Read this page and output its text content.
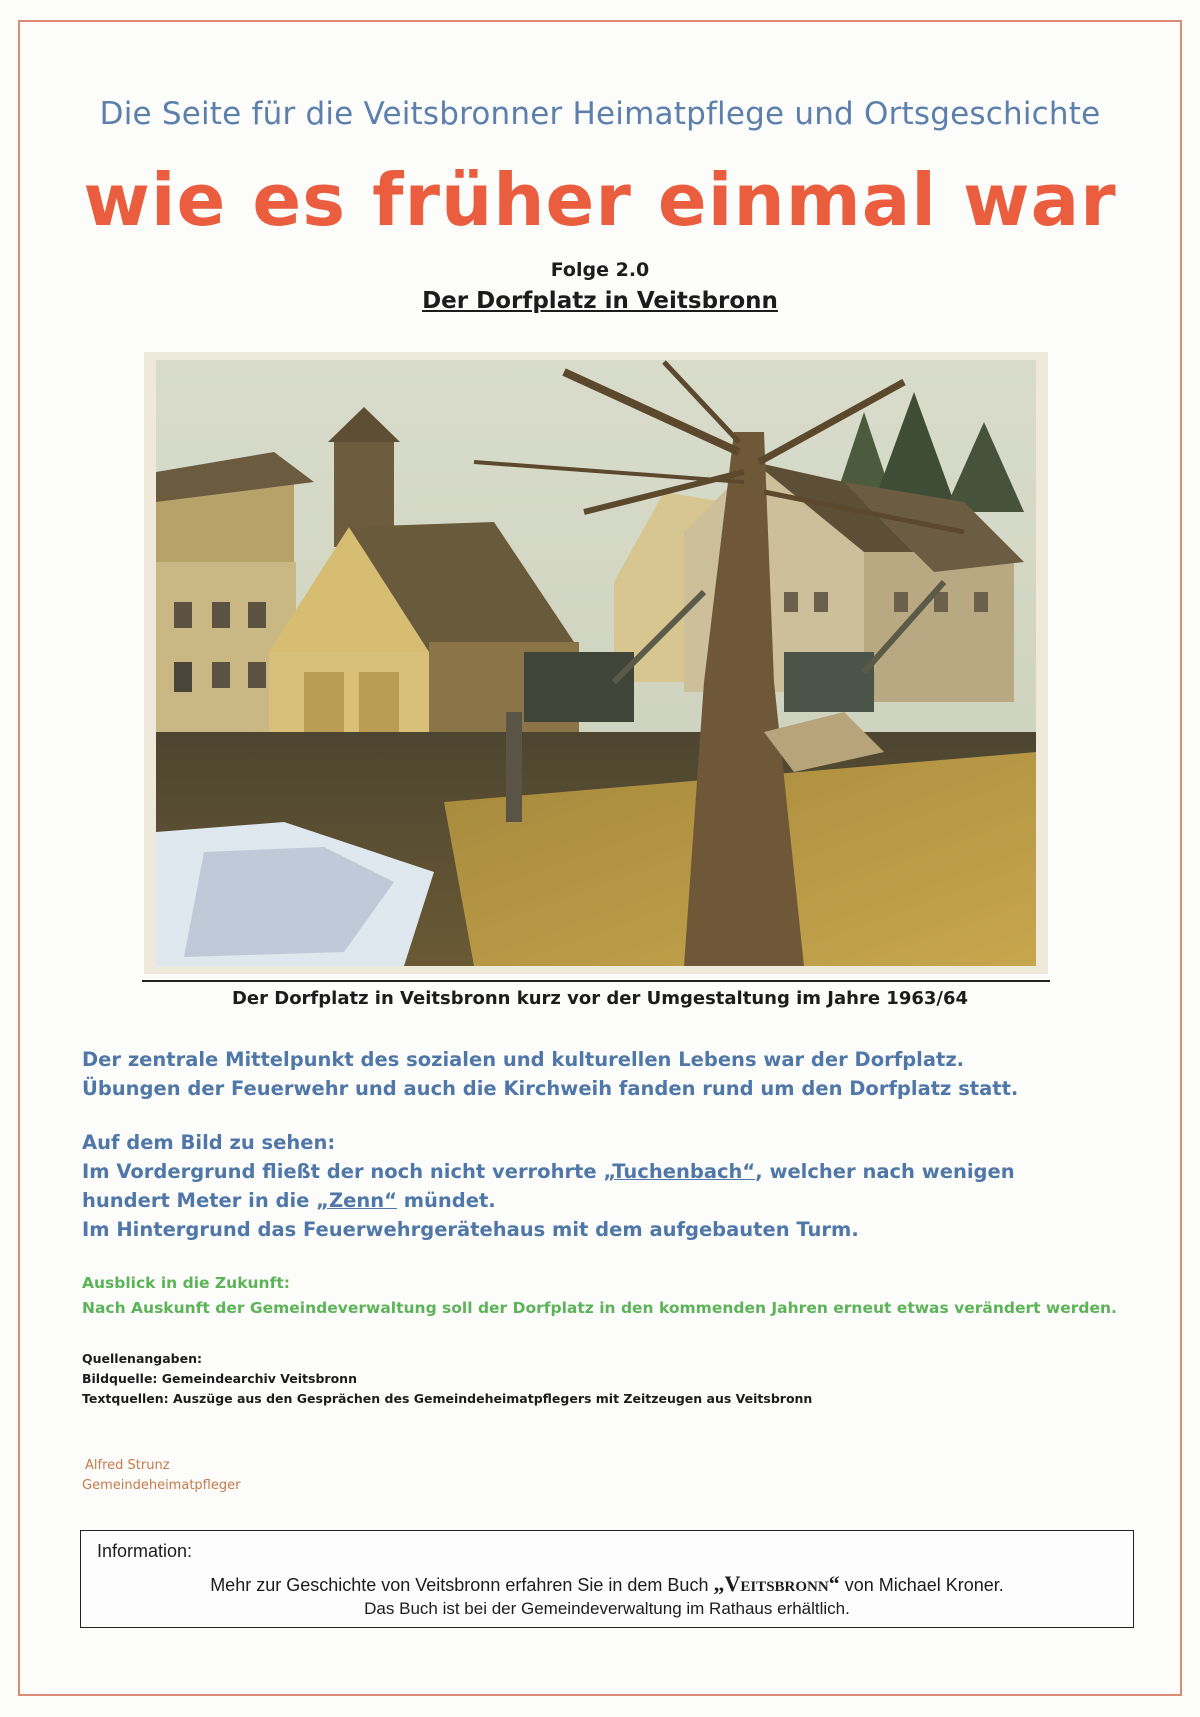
Die Seite für die Veitsbronner Heimatpflege und Ortsgeschichte
wie es früher einmal war
Folge 2.0
Der Dorfplatz in Veitsbronn
Der Dorfplatz in Veitsbronn kurz vor der Umgestaltung im Jahre 1963/64
Der zentrale Mittelpunkt des sozialen und kulturellen Lebens war der Dorfplatz.
Übungen der Feuerwehr und auch die Kirchweih fanden rund um den Dorfplatz statt.
Auf dem Bild zu sehen:
Im Vordergrund fließt der noch nicht verrohrte „Tuchenbach“, welcher nach wenigen
hundert Meter in die „Zenn“ mündet.
Im Hintergrund das Feuerwehrgerätehaus mit dem aufgebauten Turm.
Ausblick in die Zukunft:
Nach Auskunft der Gemeindeverwaltung soll der Dorfplatz in den kommenden Jahren erneut etwas verändert werden.
Quellenangaben:
Bildquelle: Gemeindearchiv Veitsbronn
Textquellen: Auszüge aus den Gesprächen des Gemeindeheimatpflegers mit Zeitzeugen aus Veitsbronn
Alfred Strunz
Gemeindeheimatpfleger
Information:
Mehr zur Geschichte von Veitsbronn erfahren Sie in dem Buch „Veitsbronn“ von Michael Kroner.
Das Buch ist bei der Gemeindeverwaltung im Rathaus erhältlich.
